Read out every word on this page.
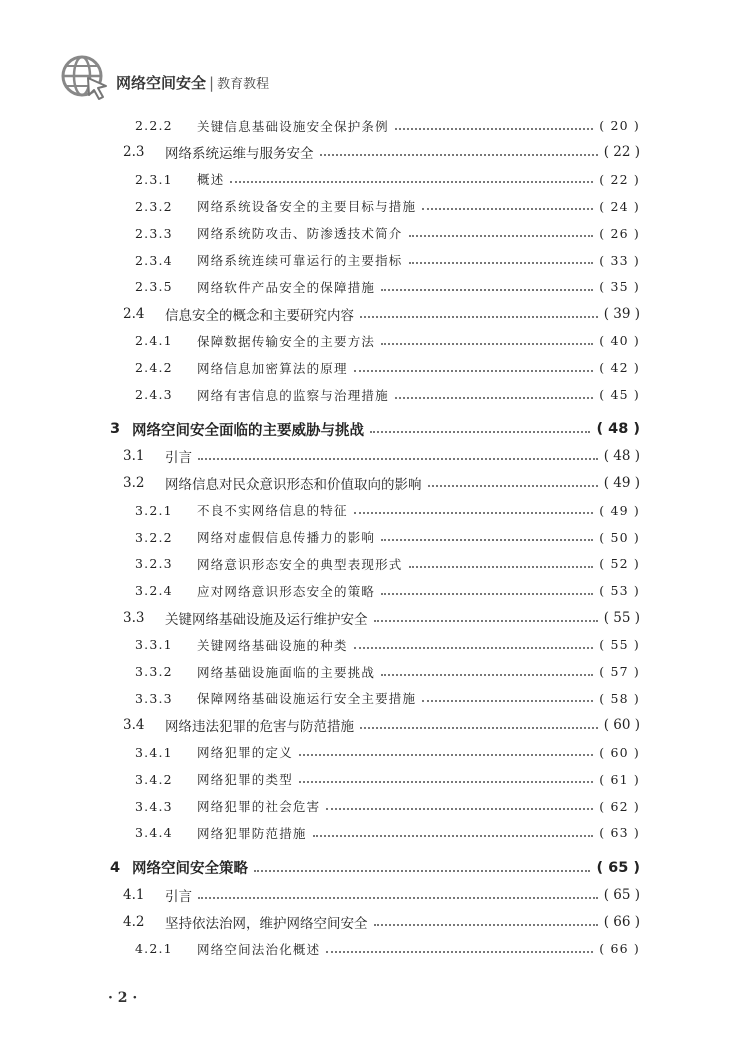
网络空间安全 | 教育教程
2.2.2	关键信息基础设施安全保护条例	( 20 )
2.3	网络系统运维与服务安全	( 22 )
2.3.1	概述	( 22 )
2.3.2	网络系统设备安全的主要目标与措施	( 24 )
2.3.3	网络系统防攻击、防渗透技术简介	( 26 )
2.3.4	网络系统连续可靠运行的主要指标	( 33 )
2.3.5	网络软件产品安全的保障措施	( 35 )
2.4	信息安全的概念和主要研究内容	( 39 )
2.4.1	保障数据传输安全的主要方法	( 40 )
2.4.2	网络信息加密算法的原理	( 42 )
2.4.3	网络有害信息的监察与治理措施	( 45 )
3 网络空间安全面临的主要威胁与挑战	( 48 )
3.1	引言	( 48 )
3.2	网络信息对民众意识形态和价值取向的影响	( 49 )
3.2.1	不良不实网络信息的特征	( 49 )
3.2.2	网络对虚假信息传播力的影响	( 50 )
3.2.3	网络意识形态安全的典型表现形式	( 52 )
3.2.4	应对网络意识形态安全的策略	( 53 )
3.3	关键网络基础设施及运行维护安全	( 55 )
3.3.1	关键网络基础设施的种类	( 55 )
3.3.2	网络基础设施面临的主要挑战	( 57 )
3.3.3	保障网络基础设施运行安全主要措施	( 58 )
3.4	网络违法犯罪的危害与防范措施	( 60 )
3.4.1	网络犯罪的定义	( 60 )
3.4.2	网络犯罪的类型	( 61 )
3.4.3	网络犯罪的社会危害	( 62 )
3.4.4	网络犯罪防范措施	( 63 )
4 网络空间安全策略	( 65 )
4.1	引言	( 65 )
4.2	坚持依法治网，维护网络空间安全	( 66 )
4.2.1	网络空间法治化概述	( 66 )
· 2 ·
